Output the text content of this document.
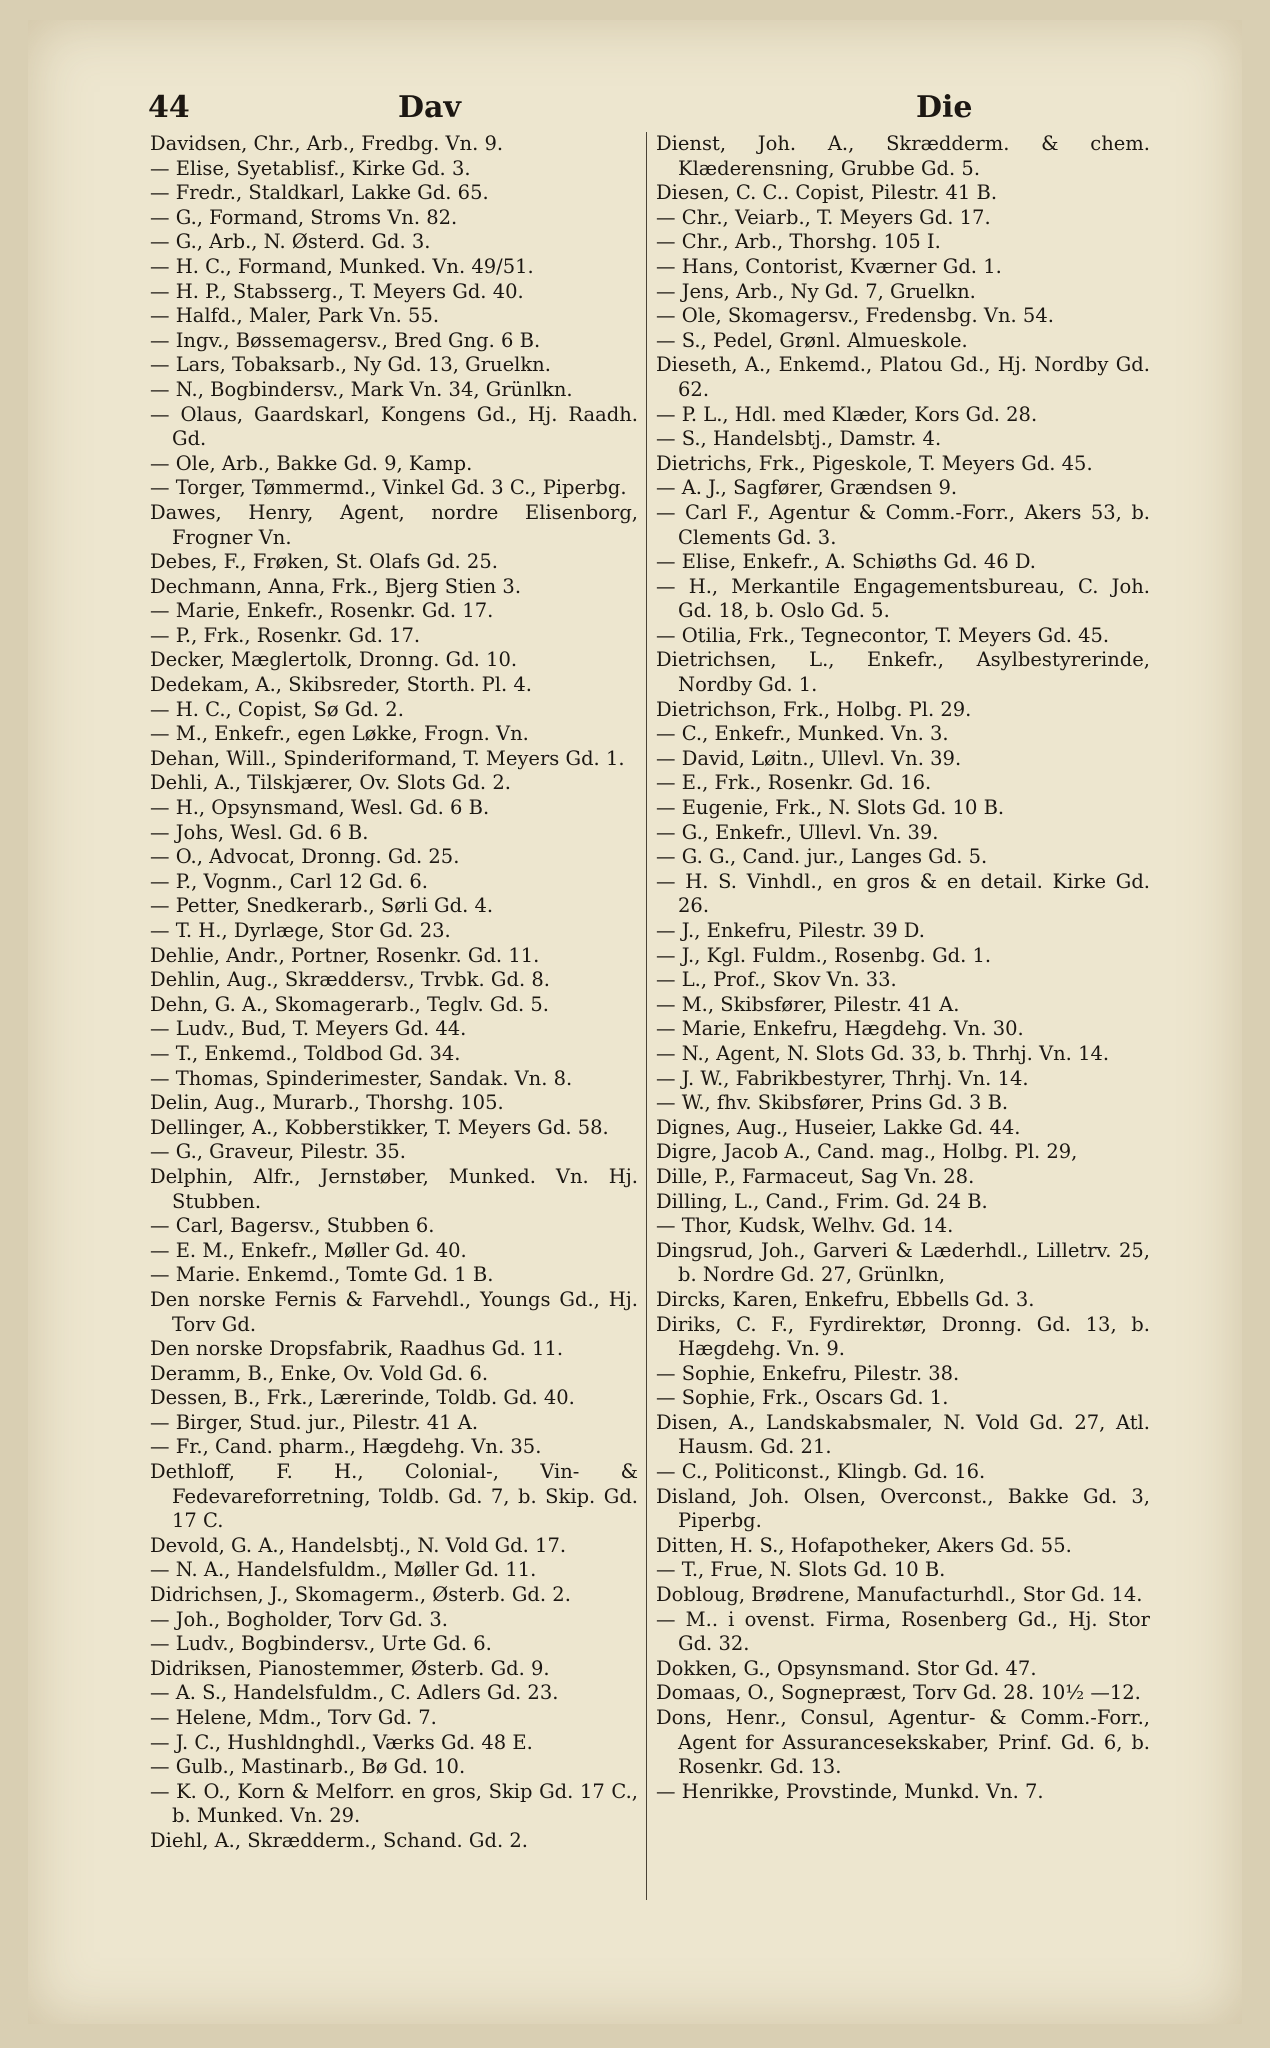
44	Dav	Die
Davidsen, Chr., Arb., Fredbg. Vn. 9.
— Elise, Syetablisf., Kirke Gd. 3.
— Fredr., Staldkarl, Lakke Gd. 65.
— G., Formand, Stroms Vn. 82.
— G., Arb., N. Østerd. Gd. 3.
— H. C., Formand, Munked. Vn. 49/51.
— H. P., Stabsserg., T. Meyers Gd. 40.
— Halfd., Maler, Park Vn. 55.
— Ingv., Bøssemagersv., Bred Gng. 6 B.
— Lars, Tobaksarb., Ny Gd. 13, Gruelkn.
— N., Bogbindersv., Mark Vn. 34, Grünlkn.
— Olaus, Gaardskarl, Kongens Gd., Hj. Raadh. Gd.
— Ole, Arb., Bakke Gd. 9, Kamp.
— Torger, Tømmermd., Vinkel Gd. 3 C., Piperbg.
Dawes, Henry, Agent, nordre Elisenborg, Frogner Vn.
Debes, F., Frøken, St. Olafs Gd. 25.
Dechmann, Anna, Frk., Bjerg Stien 3.
— Marie, Enkefr., Rosenkr. Gd. 17.
— P., Frk., Rosenkr. Gd. 17.
Decker, Mæglertolk, Dronng. Gd. 10.
Dedekam, A., Skibsreder, Storth. Pl. 4.
— H. C., Copist, Sø Gd. 2.
— M., Enkefr., egen Løkke, Frogn. Vn.
Dehan, Will., Spinderiformand, T. Meyers Gd. 1.
Dehli, A., Tilskjærer, Ov. Slots Gd. 2.
— H., Opsynsmand, Wesl. Gd. 6 B.
— Johs, Wesl. Gd. 6 B.
— O., Advocat, Dronng. Gd. 25.
— P., Vognm., Carl 12 Gd. 6.
— Petter, Snedkerarb., Sørli Gd. 4.
— T. H., Dyrlæge, Stor Gd. 23.
Dehlie, Andr., Portner, Rosenkr. Gd. 11.
Dehlin, Aug., Skræddersv., Trvbk. Gd. 8.
Dehn, G. A., Skomagerarb., Teglv. Gd. 5.
— Ludv., Bud, T. Meyers Gd. 44.
— T., Enkemd., Toldbod Gd. 34.
— Thomas, Spinderimester, Sandak. Vn. 8.
Delin, Aug., Murarb., Thorshg. 105.
Dellinger, A., Kobberstikker, T. Meyers Gd. 58.
— G., Graveur, Pilestr. 35.
Delphin, Alfr., Jernstøber, Munked. Vn. Hj. Stubben.
— Carl, Bagersv., Stubben 6.
— E. M., Enkefr., Møller Gd. 40.
— Marie. Enkemd., Tomte Gd. 1 B.
Den norske Fernis & Farvehdl., Youngs Gd., Hj. Torv Gd.
Den norske Dropsfabrik, Raadhus Gd. 11.
Deramm, B., Enke, Ov. Vold Gd. 6.
Dessen, B., Frk., Lærerinde, Toldb. Gd. 40.
— Birger, Stud. jur., Pilestr. 41 A.
— Fr., Cand. pharm., Hægdehg. Vn. 35.
Dethloff, F. H., Colonial-, Vin- & Fedevareforretning, Toldb. Gd. 7, b. Skip. Gd. 17 C.
Devold, G. A., Handelsbtj., N. Vold Gd. 17.
— N. A., Handelsfuldm., Møller Gd. 11.
Didrichsen, J., Skomagerm., Østerb. Gd. 2.
— Joh., Bogholder, Torv Gd. 3.
— Ludv., Bogbindersv., Urte Gd. 6.
Didriksen, Pianostemmer, Østerb. Gd. 9.
— A. S., Handelsfuldm., C. Adlers Gd. 23.
— Helene, Mdm., Torv Gd. 7.
— J. C., Hushldnghdl., Værks Gd. 48 E.
— Gulb., Mastinarb., Bø Gd. 10.
— K. O., Korn & Melforr. en gros, Skip Gd. 17 C., b. Munked. Vn. 29.
Diehl, A., Skrædderm., Schand. Gd. 2.
Dienst, Joh. A., Skrædderm. & chem. Klæderensning, Grubbe Gd. 5.
Diesen, C. C.. Copist, Pilestr. 41 B.
— Chr., Veiarb., T. Meyers Gd. 17.
— Chr., Arb., Thorshg. 105 I.
— Hans, Contorist, Kværner Gd. 1.
— Jens, Arb., Ny Gd. 7, Gruelkn.
— Ole, Skomagersv., Fredensbg. Vn. 54.
— S., Pedel, Grønl. Almueskole.
Dieseth, A., Enkemd., Platou Gd., Hj. Nordby Gd. 62.
— P. L., Hdl. med Klæder, Kors Gd. 28.
— S., Handelsbtj., Damstr. 4.
Dietrichs, Frk., Pigeskole, T. Meyers Gd. 45.
— A. J., Sagfører, Grændsen 9.
— Carl F., Agentur & Comm.-Forr., Akers 53, b. Clements Gd. 3.
— Elise, Enkefr., A. Schiøths Gd. 46 D.
— H., Merkantile Engagementsbureau, C. Joh. Gd. 18, b. Oslo Gd. 5.
— Otilia, Frk., Tegnecontor, T. Meyers Gd. 45.
Dietrichsen, L., Enkefr., Asylbestyrerinde, Nordby Gd. 1.
Dietrichson, Frk., Holbg. Pl. 29.
— C., Enkefr., Munked. Vn. 3.
— David, Løitn., Ullevl. Vn. 39.
— E., Frk., Rosenkr. Gd. 16.
— Eugenie, Frk., N. Slots Gd. 10 B.
— G., Enkefr., Ullevl. Vn. 39.
— G. G., Cand. jur., Langes Gd. 5.
— H. S. Vinhdl., en gros & en detail. Kirke Gd. 26.
— J., Enkefru, Pilestr. 39 D.
— J., Kgl. Fuldm., Rosenbg. Gd. 1.
— L., Prof., Skov Vn. 33.
— M., Skibsfører, Pilestr. 41 A.
— Marie, Enkefru, Hægdehg. Vn. 30.
— N., Agent, N. Slots Gd. 33, b. Thrhj. Vn. 14.
— J. W., Fabrikbestyrer, Thrhj. Vn. 14.
— W., fhv. Skibsfører, Prins Gd. 3 B.
Dignes, Aug., Huseier, Lakke Gd. 44.
Digre, Jacob A., Cand. mag., Holbg. Pl. 29,
Dille, P., Farmaceut, Sag Vn. 28.
Dilling, L., Cand., Frim. Gd. 24 B.
— Thor, Kudsk, Welhv. Gd. 14.
Dingsrud, Joh., Garveri & Læderhdl., Lilletrv. 25, b. Nordre Gd. 27, Grünlkn,
Dircks, Karen, Enkefru, Ebbells Gd. 3.
Diriks, C. F., Fyrdirektør, Dronng. Gd. 13, b. Hægdehg. Vn. 9.
— Sophie, Enkefru, Pilestr. 38.
— Sophie, Frk., Oscars Gd. 1.
Disen, A., Landskabsmaler, N. Vold Gd. 27, Atl. Hausm. Gd. 21.
— C., Politiconst., Klingb. Gd. 16.
Disland, Joh. Olsen, Overconst., Bakke Gd. 3, Piperbg.
Ditten, H. S., Hofapotheker, Akers Gd. 55.
— T., Frue, N. Slots Gd. 10 B.
Dobloug, Brødrene, Manufacturhdl., Stor Gd. 14.
— M.. i ovenst. Firma, Rosenberg Gd., Hj. Stor Gd. 32.
Dokken, G., Opsynsmand. Stor Gd. 47.
Domaas, O., Sognepræst, Torv Gd. 28. 10½ —12.
Dons, Henr., Consul, Agentur- & Comm.-Forr., Agent for Assurancesekskaber, Prinf. Gd. 6, b. Rosenkr. Gd. 13.
— Henrikke, Provstinde, Munkd. Vn. 7.
